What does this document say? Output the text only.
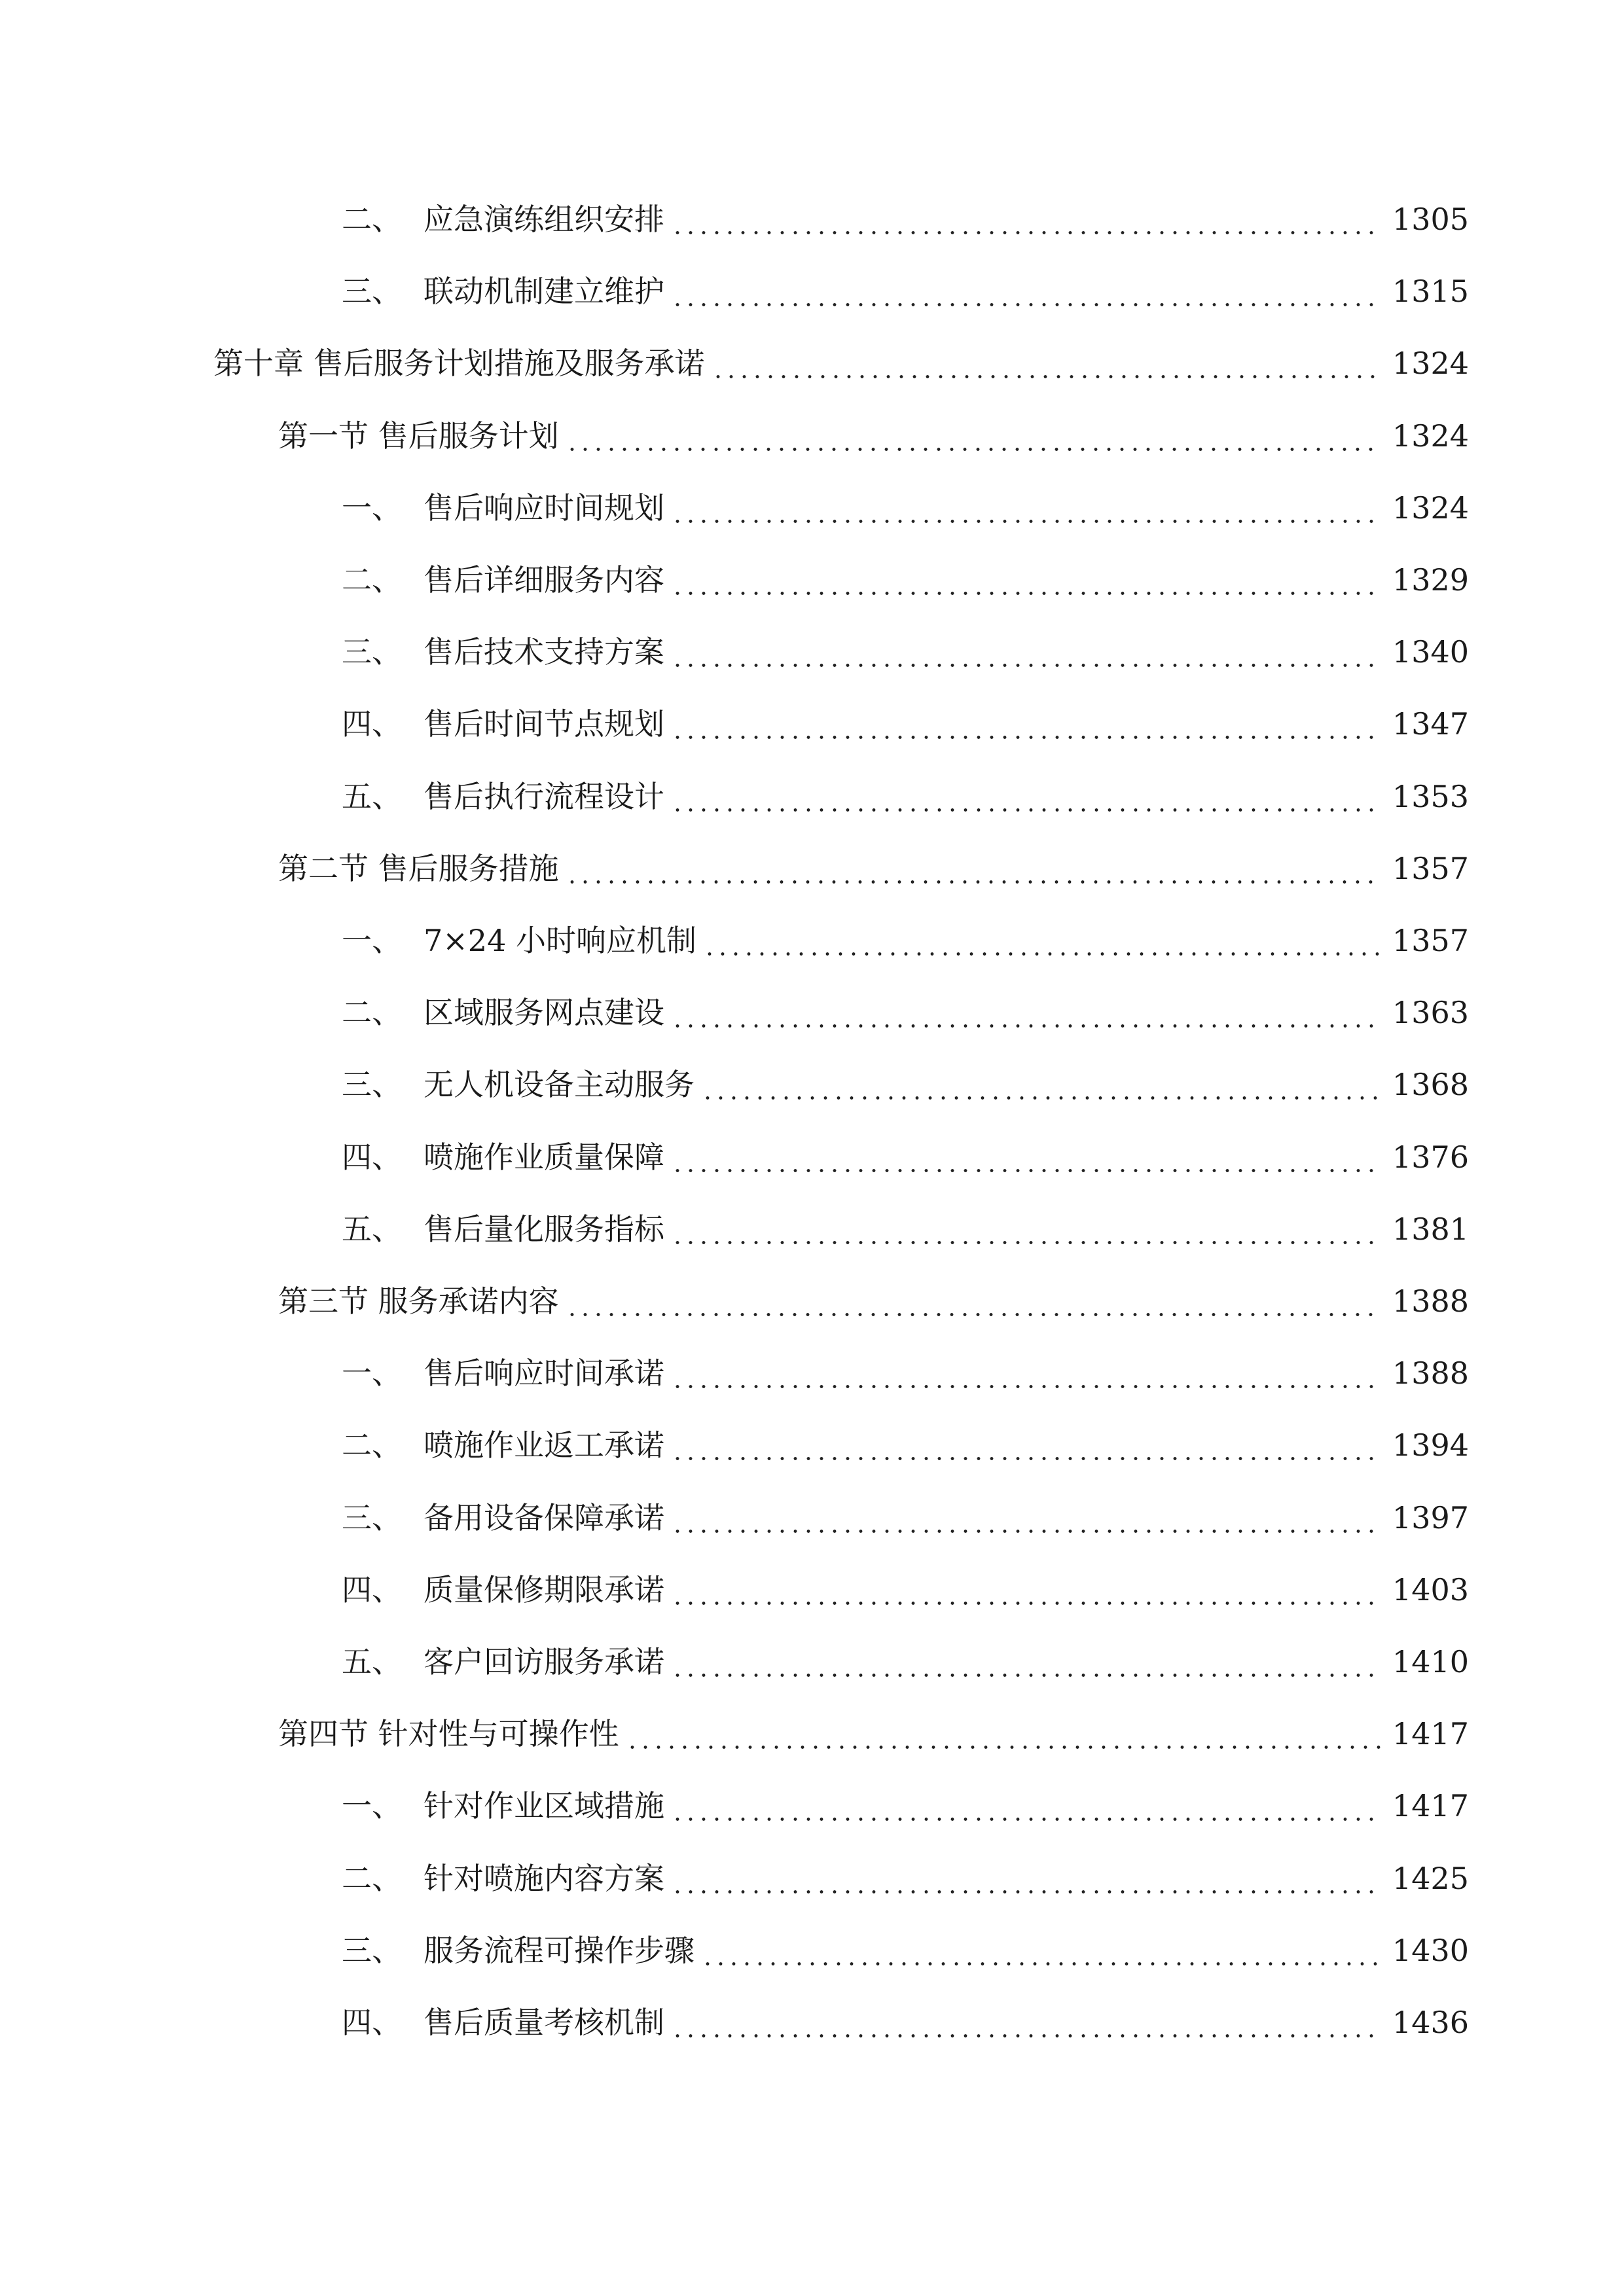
二、 应急演练组织安排	1305
三、 联动机制建立维护	1315
第十章 售后服务计划措施及服务承诺	1324
第一节 售后服务计划	1324
一、 售后响应时间规划	1324
二、 售后详细服务内容	1329
三、 售后技术支持方案	1340
四、 售后时间节点规划	1347
五、 售后执行流程设计	1353
第二节 售后服务措施	1357
一、 7×24 小时响应机制	1357
二、 区域服务网点建设	1363
三、 无人机设备主动服务	1368
四、 喷施作业质量保障	1376
五、 售后量化服务指标	1381
第三节 服务承诺内容	1388
一、 售后响应时间承诺	1388
二、 喷施作业返工承诺	1394
三、 备用设备保障承诺	1397
四、 质量保修期限承诺	1403
五、 客户回访服务承诺	1410
第四节 针对性与可操作性	1417
一、 针对作业区域措施	1417
二、 针对喷施内容方案	1425
三、 服务流程可操作步骤	1430
四、 售后质量考核机制	1436
